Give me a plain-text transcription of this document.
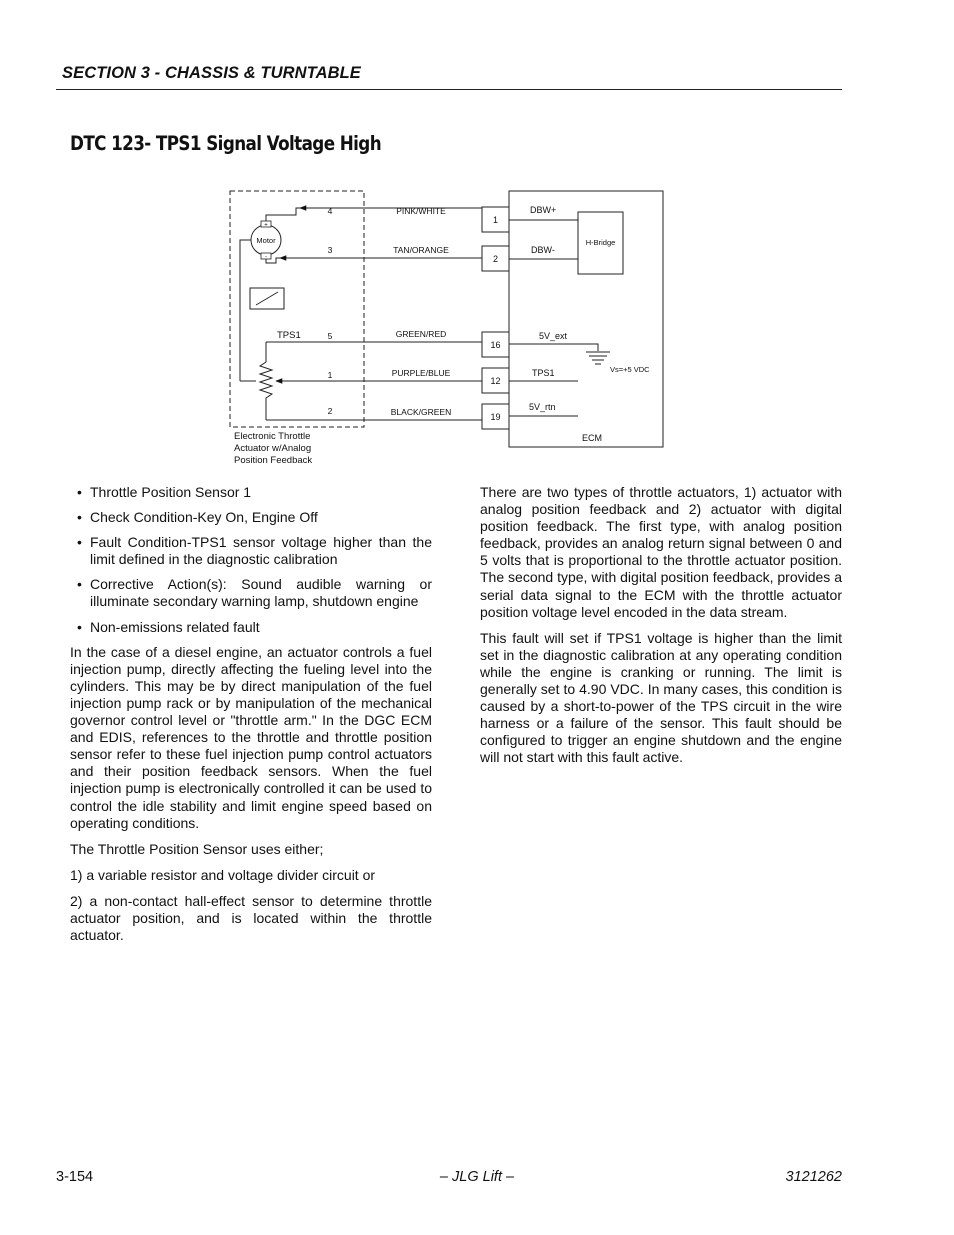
SECTION 3 - CHASSIS & TURNTABLE
DTC 123- TPS1 Signal Voltage High
H-Bridge
Motor
+
-
TPS1
4
3
5
1
2
PINK/WHITE
TAN/ORANGE
GREEN/RED
PURPLE/BLUE
BLACK/GREEN
1
2
16
12
19
Vs=+5 VDC
DBW+
DBW-
5V_ext
TPS1
5V_rtn
ECM
Electronic Throttle
Actuator w/Analog
Position Feedback
• Throttle Position Sensor 1
• Check Condition-Key On, Engine Off
• Fault Condition-TPS1 sensor voltage higher than the limit defined in the diagnostic calibration
• Corrective Action(s): Sound audible warning or illuminate secondary warning lamp, shutdown engine
• Non-emissions related fault

In the case of a diesel engine, an actuator controls a fuel injection pump, directly affecting the fueling level into the cylinders. This may be by direct manipulation of the fuel injection pump rack or by manipulation of the mechanical governor control level or "throttle arm." In the DGC ECM and EDIS, references to the throttle and throttle position sensor refer to these fuel injection pump control actuators and their position feedback sensors. When the fuel injection pump is electronically controlled it can be used to control the idle stability and limit engine speed based on operating conditions.

The Throttle Position Sensor uses either;

1) a variable resistor and voltage divider circuit or

2) a non-contact hall-effect sensor to determine throttle actuator position, and is located within the throttle actuator.

There are two types of throttle actuators, 1) actuator with analog position feedback and 2) actuator with digital position feedback. The first type, with analog position feedback, provides an analog return signal between 0 and 5 volts that is proportional to the throttle actuator position. The second type, with digital position feedback, provides a serial data signal to the ECM with the throttle actuator position voltage level encoded in the data stream.

This fault will set if TPS1 voltage is higher than the limit set in the diagnostic calibration at any operating condition while the engine is cranking or running. The limit is generally set to 4.90 VDC. In many cases, this condition is caused by a short-to-power of the TPS circuit in the wire harness or a failure of the sensor. This fault should be configured to trigger an engine shutdown and the engine will not start with this fault active.

3-154	– JLG Lift –	3121262
